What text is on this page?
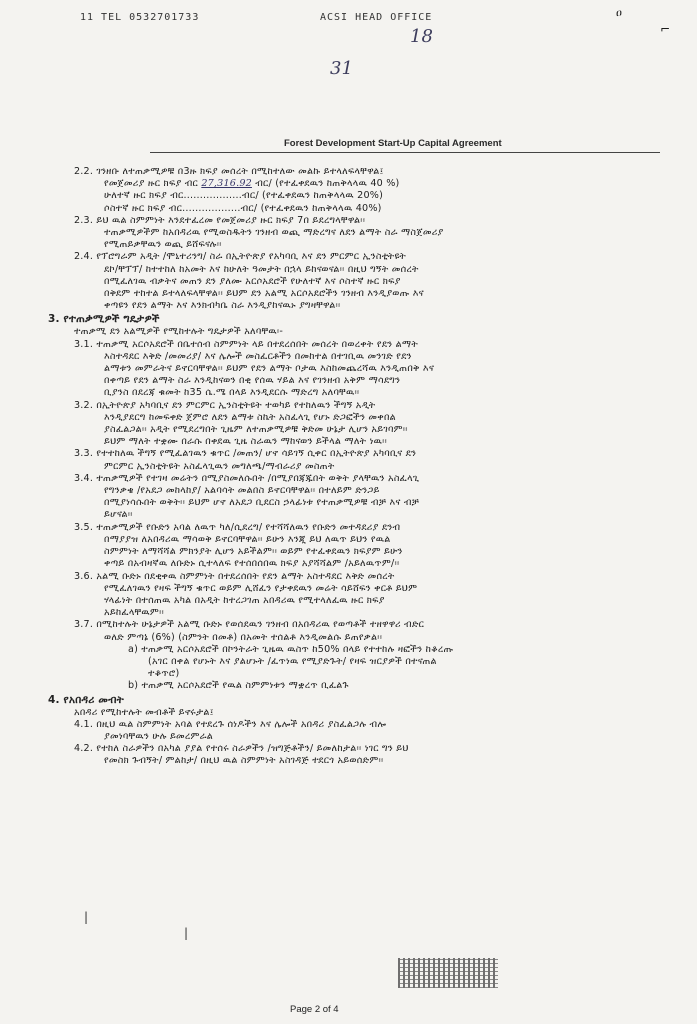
11 TEL 0532701733	ACSI HEAD OFFICE	ዐ
⌐
18
31
Forest Development Start-Up Capital Agreement
2.2. ገንዘቡ ለተጠቃሚዎቹ በ3ዙ ክፍያ መሰረት በሚከተለው መልኩ ይተላለፍላቸዋል፤
የመጀመሪያ ዙር ክፍያ ብር 27,316.92 ብር/ (የተፈቀደዉን ከጠቅላላዉ 40 %)
ሁለተኛ ዙር ክፍያ ብር..................ብር/ (የተፈቀደዉን ከጠቅላላዉ 20%)
ሶስተኛ ዙር ክፍያ ብር..................ብር/ (የተፈቀደዉን ከጠቅላላዉ 40%)
2.3. ይህ ዉል ስምምነት እንደተፈረመ የመጀመሪያ ዙር ክፍያ 7በ ይደረግላቸዋል፡፡
ተጠቃሚዎችም ከአበዳሪዉ የሚወስዱትን ገንዘብ ወጪ ማድረግና ለደን ልማት ስራ ማስጀመሪያ
የሚጠይቃቸዉን ወጪ ይሸፍናሉ፡፡
2.4. የፕሮግራም አዲት /ሞኒተሪንግ/ ስራ በኢትዮጵያ የአካባቢ እና ደን ምርምር ኢንስቲትዩት
ደኮ/ቸፕፕ/ ከተተከለ ከአመት እና ከሁለት ዓመታት በኋላ ይከናወናል፡፡ በዚህ ግኝት መሰረት
በሚፈለገዉ ብቃትና መጠን ደን ያለሙ አርሶአደሮች የሁለተኛ እና ሶስተኛ ዙር ክፍያ
በቅደም ተከተል ይተላለፍላቸዋል፡፡ ይህም ደን አልሚ አርሶአደሮችን ገንዘብ እንዲያወጡ እና
ቀጣዩን የደን ልማት እና እንክብካቤ ስራ እንዲያከናዉኑ ያግዛቸዋል፡፡
3. የተጠቃሚዎች ግዴታዎች
ተጠቃሚ ደን አልሚዎች የሚከተሉት ግዴታዎች አለባቸዉ፡-
3.1. ተጠቃሚ አርሶአደሮች በቤተሰብ ስምምነት ላይ በተደረሰበት መሰረት በወረቀት የደን ልማት
እስተዳደር እቅድ /መመሪያ/ እና ሌሎች መስፈርቶችን በመከተል በተገቢዉ መንገድ የደን
ልማቱን መምራትና ይኖርባቸዋል፡፡ ይህም የደን ልማት ቦታዉ እስከመጨረሻዉ እንዲጠበቅ እና
በቀጣይ የደን ልማት ስራ እንዲከናወን በቂ የሰዉ ሃይል እና የገንዘብ አቅም ማሳደግን
ቢያንስ በደረጃ ቁመት ከ35 ሴ.ሜ በላይ እንዲደርሱ ማድረግ አለባቸዉ፡፡
3.2. በኢትዮጵያ አካባቢና ደን ምርምር ኢንስቲትዩት ተወካይ የተከለዉን ችግኝ አዲት
እንዲያደርግ ከመፍቀድ ጀምሮ ለደን ልማቱ ስኬት አስፈላጊ የሆኑ ድጋፎችን መቀበል
ያስፈልጋል፡፡ አዲት የሚደረግበት ጊዜም ለተጠቃሚዎቹ ቅድመ ሁኔታ ሊሆን አይገባም፡፡
ይህም ማለት ተቋሙ በራሱ በቀደዉ ጊዜ ስራዉን ማከናወን ይችላል ማለት ነዉ፡፡
3.3. የተተከለዉ ችግኝ የሚፈልገዉን ቁጥር /መጠን/ ሆኖ ሳይገኝ ሲቀር በኢትዮጵያ አካባቢና ደን
ምርምር ኢንስቲትዩት አስፈላጊዉን መግለጫ/ማብራሪያ መስጠት
3.4. ተጠቃሚዎች የተገዛ መሬትን በሚያስመለሱበት /በሚያበጃጁበት ወቅት ያላቸዉን አስፈላጊ
የግንቃቄ /የአደጋ መከላከያ/ አልባሳት መልበስ ይኖርባቸዋል፡፡ በተለይም ድንጋይ
በሚያነሳሱበት ወቅት፡፡ ይህም ሆኖ ለአደጋ ቢደርስ ኃላፊነቱ የተጠቃሚዎቹ ብቻ እና ብቻ
ይሆናል፡፡
3.5. ተጠቃሚዎች የቡድን አባል ለዉጥ ካለ/ሲደረግ/ የተሻሻለዉን የቡድን መተዳደሪያ ደንብ
በማያያዝ ለአበዳሪዉ ማሳወቅ ይኖርባቸዋል፡፡ ይሁን እንጂ ይህ ለዉጥ ይህን የዉል
ስምምነት ለማሻሻል ምክንያት ሊሆን አይችልም፡፡ ወይም የተፈቀደዉን ክፍያም ይሁን
ቀጣይ በአብዛኛዉ ለቡድኑ ሲተላለፍ የተሰበሰበዉ ክፍያ አያሻሻልም /አይለዉጥም/፡፡
3.6. አልሚ ቡድኑ በደቂቀዉ ስምምነት በተደረሰበት የደን ልማት አስተዳደር እቅድ መሰረት
የሚፈለገዉን የዛፍ ችግኝ ቁጥር ወይም ሊሸፈን የታቀደዉን መሬት ሳይሸፍን ቀርቶ ይህም
ሃላፊነት በተሰጠዉ አካል በአዲት ከተረጋገጠ አበዳሪዉ የሚተላለፈዉ ዙር ክፍያ
አይከፈላቸዉም፡፡
3.7. በሚከተሉት ሁኔታዎች አልሚ ቡድኑ የወሰደዉን ገንዘብ በአበዳሪዉ የወጣቶች ተዘዋዋሪ ብድር
ወለድ ምጣኔ (6%) (ስምንት በመቶ) በአመት ተሰልቶ እንዲመልሱ ይጠየቃል፡፡
a) ተጠቃሚ አርሶአደሮች በኮንትራት ጊዜዉ ዉስጥ ከ50% በላይ የተተከሉ ዛፎችን ከቆረጡ
(አገር በቀል የሆኑት እና ያልሆኑት /ፈጥነዉ የሚያድጉት/ የዛፍ ዝርያዎች በተናጠል
ተቆጥሮ)
b) ተጠቃሚ አርሶአደሮች የዉል ስምምነቱን ማቋረጥ ቢፈልጉ
4. የአበዳሪ መብት
አበዳሪ የሚከተሉት መብቶች ይኖሩታል፤
4.1. በዚህ ዉል ስምምነት አባል የተደረጉ ሰነዶችን እና ሌሎች አበዳሪ ያስፈልጋሉ ብሎ
ያመነባቸዉን ሁሉ ይመረምራል
4.2. የተከለ ስራዎችን በአካል ያያል የተሰሩ ስራዎችን /ዝግጅቶችን/ ይመለከታል፡፡ ነገር ግን ይህ
የመስክ ጉብኝት/ ምልከታ/ በዚህ ዉል ስምምነት አስገዳጅ ተደርጎ አይወሰድም፡፡
|
|
Page 2 of 4
